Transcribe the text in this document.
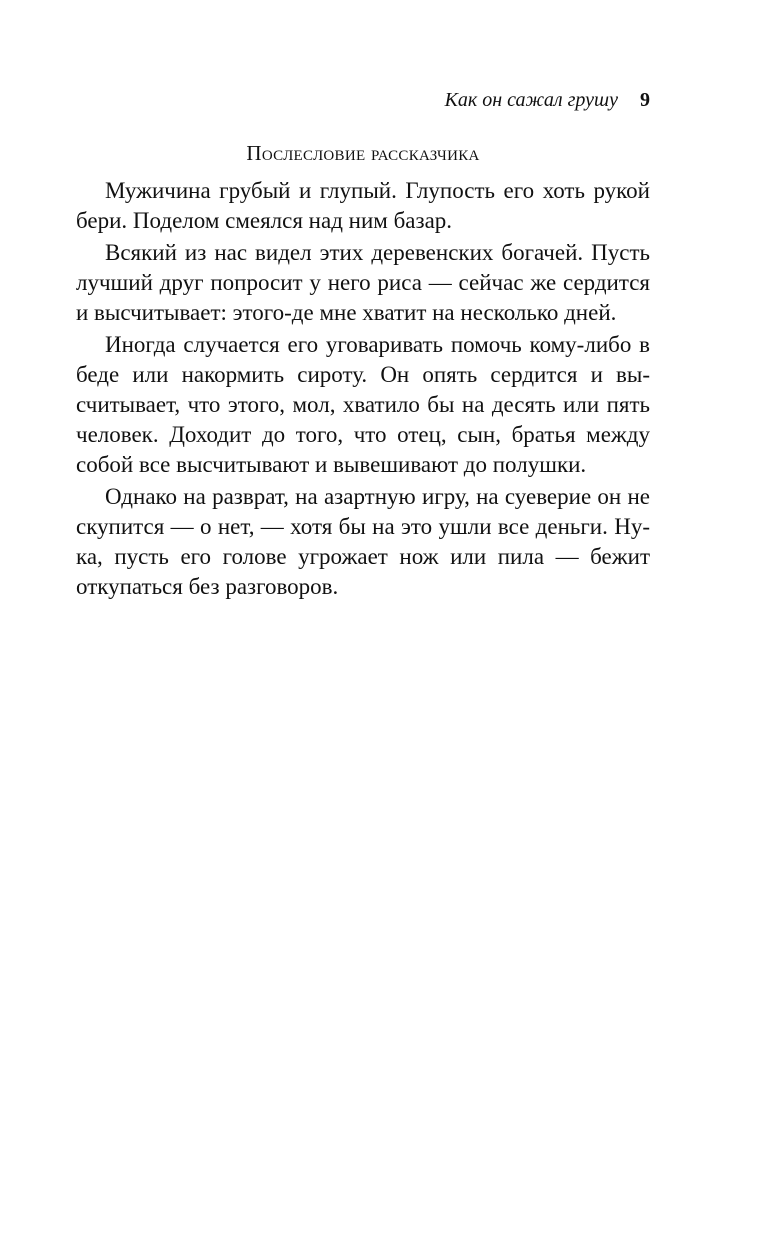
Как он сажал грушу 9
Послесловие рассказчика

Мужичина грубый и глупый. Глупость его хоть рукой бери. Поделом смеялся над ним базар.

Всякий из нас видел этих деревенских богачей. Пусть лучший друг попросит у него риса — сейчас же сердится и высчитывает: этого-де мне хватит на несколько дней.

Иногда случается его уговаривать помочь кому-либо в беде или накормить сироту. Он опять сердится и высчитывает, что этого, мол, хватило бы на десять или пять человек. Доходит до того, что отец, сын, братья между собой все высчитывают и вывешивают до полушки.

Однако на разврат, на азартную игру, на суеверие он не скупится — о нет, — хотя бы на это ушли все деньги. Ну-ка, пусть его голове угрожает нож или пила — бежит откупаться без разговоров.
